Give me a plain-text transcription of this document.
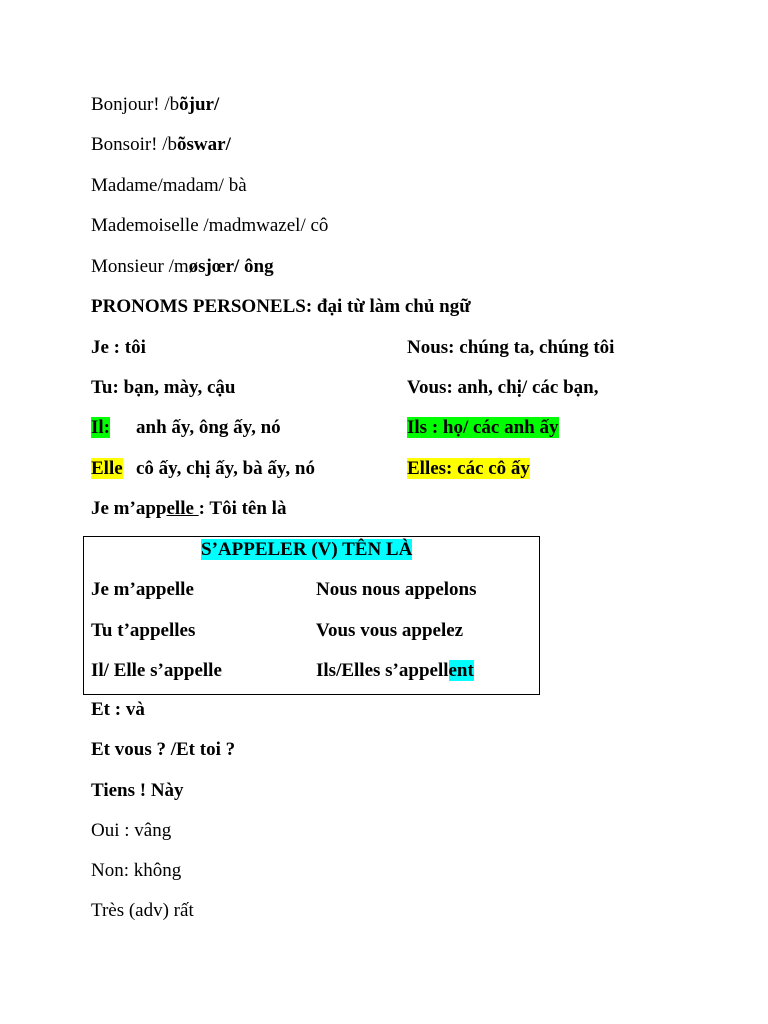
Bonjour! /bõjur/
Bonsoir! /bõswar/
Madame/madam/ bà
Mademoiselle /madmwazel/ cô
Monsieur /møsjœr/ ông
PRONOMS PERSONELS: đại từ làm chủ ngữ
Je : tôi	Nous: chúng ta, chúng tôi
Tu: bạn, mày, cậu	Vous: anh, chị/ các bạn,
Il: anh ấy, ông ấy, nó	Ils : họ/ các anh ấy
Elle cô ấy, chị ấy, bà ấy, nó	Elles: các cô ấy
Je m’appelle : Tôi tên là
S’APPELER (V) TÊN LÀ
Je m’appelle	Nous nous appelons
Tu t’appelles	Vous vous appelez
Il/ Elle s’appelle	Ils/Elles s’appellent
Et : và
Et vous ? /Et toi ?
Tiens ! Này
Oui : vâng
Non: không
Très (adv) rất
